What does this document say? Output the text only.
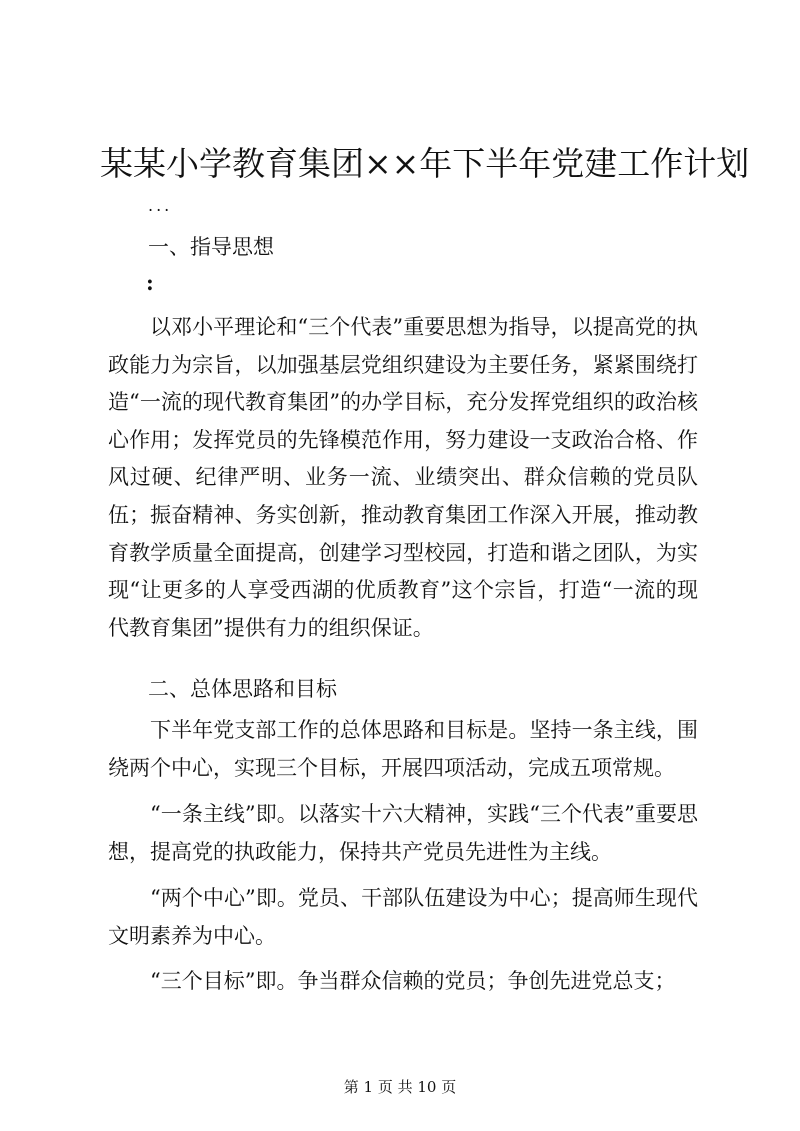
某某小学教育集团××年下半年党建工作计划
...
一、指导思想
:
以邓小平理论和“三个代表”重要思想为指导，以提高党的执政能力为宗旨，以加强基层党组织建设为主要任务，紧紧围绕打造“一流的现代教育集团”的办学目标，充分发挥党组织的政治核心作用；发挥党员的先锋模范作用，努力建设一支政治合格、作风过硬、纪律严明、业务一流、业绩突出、群众信赖的党员队伍；振奋精神、务实创新，推动教育集团工作深入开展，推动教育教学质量全面提高，创建学习型校园，打造和谐之团队，为实现“让更多的人享受西湖的优质教育”这个宗旨，打造“一流的现代教育集团”提供有力的组织保证。
二、总体思路和目标
下半年党支部工作的总体思路和目标是。坚持一条主线，围绕两个中心，实现三个目标，开展四项活动，完成五项常规。
“一条主线”即。以落实十六大精神，实践“三个代表”重要思想，提高党的执政能力，保持共产党员先进性为主线。
“两个中心”即。党员、干部队伍建设为中心；提高师生现代文明素养为中心。
“三个目标”即。争当群众信赖的党员；争创先进党总支；
第 1 页 共 10 页
